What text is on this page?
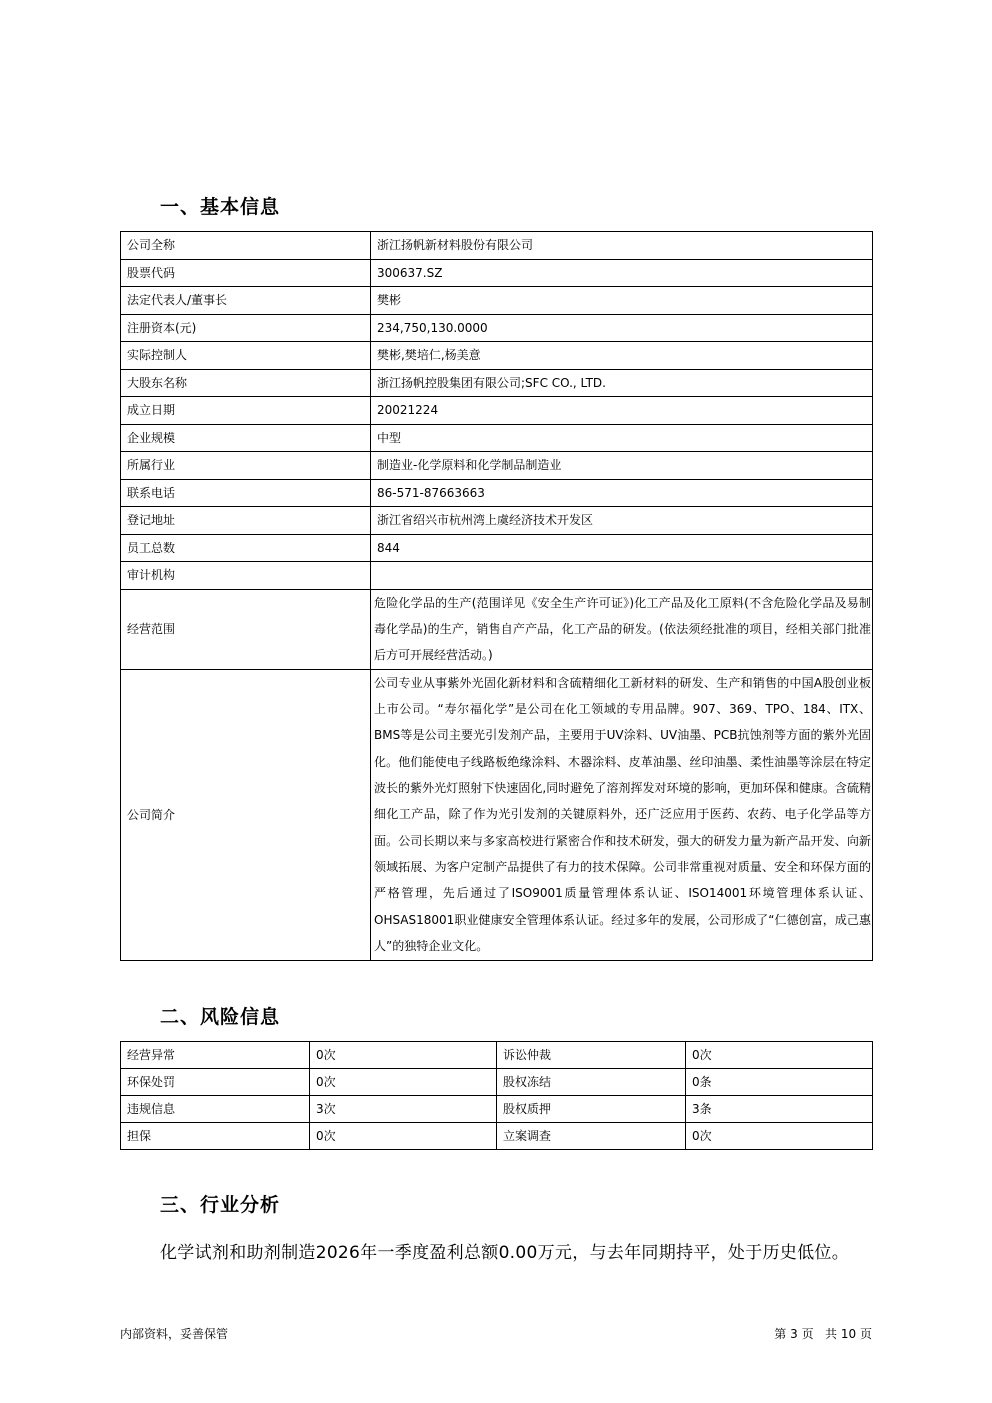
一、基本信息
公司全称	浙江扬帆新材料股份有限公司
股票代码	300637.SZ
法定代表人/董事长	樊彬
注册资本(元)	234,750,130.0000
实际控制人	樊彬,樊培仁,杨美意
大股东名称	浙江扬帆控股集团有限公司;SFC CO., LTD.
成立日期	20021224
企业规模	中型
所属行业	制造业-化学原料和化学制品制造业
联系电话	86-571-87663663
登记地址	浙江省绍兴市杭州湾上虞经济技术开发区
员工总数	844
审计机构	
经营范围	危险化学品的生产(范围详见《安全生产许可证》)化工产品及化工原料(不含危险化学品及易制毒化学品)的生产，销售自产产品，化工产品的研发。(依法须经批准的项目，经相关部门批准后方可开展经营活动。)
公司简介	公司专业从事紫外光固化新材料和含硫精细化工新材料的研发、生产和销售的中国A股创业板上市公司。“寿尔福化学”是公司在化工领域的专用品牌。907、369、TPO、184、ITX、BMS等是公司主要光引发剂产品，主要用于UV涂料、UV油墨、PCB抗蚀剂等方面的紫外光固化。他们能使电子线路板绝缘涂料、木器涂料、皮革油墨、丝印油墨、柔性油墨等涂层在特定波长的紫外光灯照射下快速固化,同时避免了溶剂挥发对环境的影响，更加环保和健康。含硫精细化工产品，除了作为光引发剂的关键原料外，还广泛应用于医药、农药、电子化学品等方面。公司长期以来与多家高校进行紧密合作和技术研发，强大的研发力量为新产品开发、向新领域拓展、为客户定制产品提供了有力的技术保障。公司非常重视对质量、安全和环保方面的严格管理，先后通过了ISO9001质量管理体系认证、ISO14001环境管理体系认证、OHSAS18001职业健康安全管理体系认证。经过多年的发展，公司形成了“仁德创富，成己惠人”的独特企业文化。
二、风险信息
经营异常	0次	诉讼仲裁	0次
环保处罚	0次	股权冻结	0条
违规信息	3次	股权质押	3条
担保	0次	立案调查	0次
三、行业分析
化学试剂和助剂制造2026年一季度盈利总额0.00万元，与去年同期持平，处于历史低位。
内部资料，妥善保管	第 3 页 共 10 页
